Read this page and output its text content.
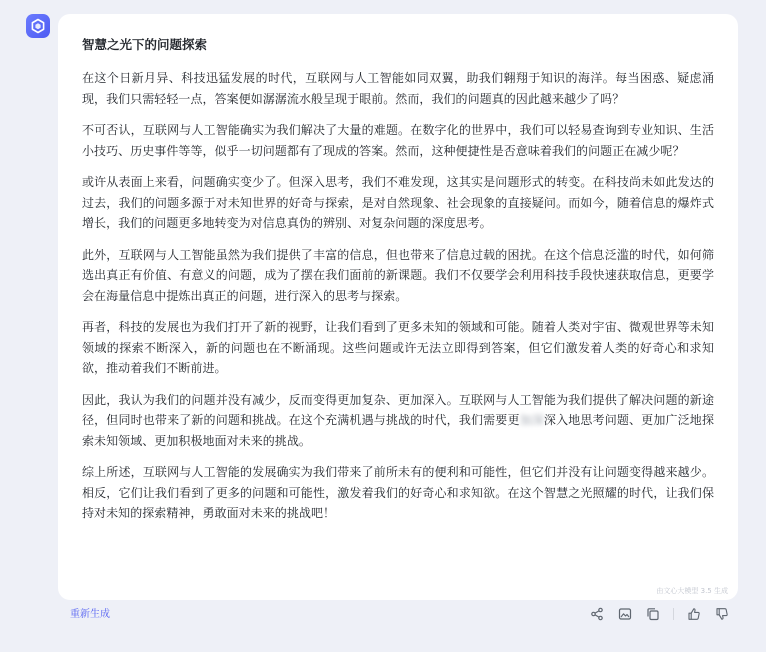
智慧之光下的问题探索

在这个日新月异、科技迅猛发展的时代，互联网与人工智能如同双翼，助我们翱翔于知识的海洋。每当困惑、疑虑涌现，我们只需轻轻一点，答案便如潺潺流水般呈现于眼前。然而，我们的问题真的因此越来越少了吗？

不可否认，互联网与人工智能确实为我们解决了大量的难题。在数字化的世界中，我们可以轻易查询到专业知识、生活小技巧、历史事件等等，似乎一切问题都有了现成的答案。然而，这种便捷性是否意味着我们的问题正在减少呢？

或许从表面上来看，问题确实变少了。但深入思考，我们不难发现，这其实是问题形式的转变。在科技尚未如此发达的过去，我们的问题多源于对未知世界的好奇与探索，是对自然现象、社会现象的直接疑问。而如今，随着信息的爆炸式增长，我们的问题更多地转变为对信息真伪的辨别、对复杂问题的深度思考。

此外，互联网与人工智能虽然为我们提供了丰富的信息，但也带来了信息过载的困扰。在这个信息泛滥的时代，如何筛选出真正有价值、有意义的问题，成为了摆在我们面前的新课题。我们不仅要学会利用科技手段快速获取信息，更要学会在海量信息中提炼出真正的问题，进行深入的思考与探索。

再者，科技的发展也为我们打开了新的视野，让我们看到了更多未知的领域和可能。随着人类对宇宙、微观世界等未知领域的探索不断深入，新的问题也在不断涌现。这些问题或许无法立即得到答案，但它们激发着人类的好奇心和求知欲，推动着我们不断前进。

因此，我认为我们的问题并没有减少，反而变得更加复杂、更加深入。互联网与人工智能为我们提供了解决问题的新途径，但同时也带来了新的问题和挑战。在这个充满机遇与挑战的时代，我们需要更加深深入地思考问题、更加广泛地探索未知领域、更加积极地面对未来的挑战。

综上所述，互联网与人工智能的发展确实为我们带来了前所未有的便利和可能性，但它们并没有让问题变得越来越少。相反，它们让我们看到了更多的问题和可能性，激发着我们的好奇心和求知欲。在这个智慧之光照耀的时代，让我们保持对未知的探索精神，勇敢面对未来的挑战吧！

由文心大模型 3.5 生成
重新生成
